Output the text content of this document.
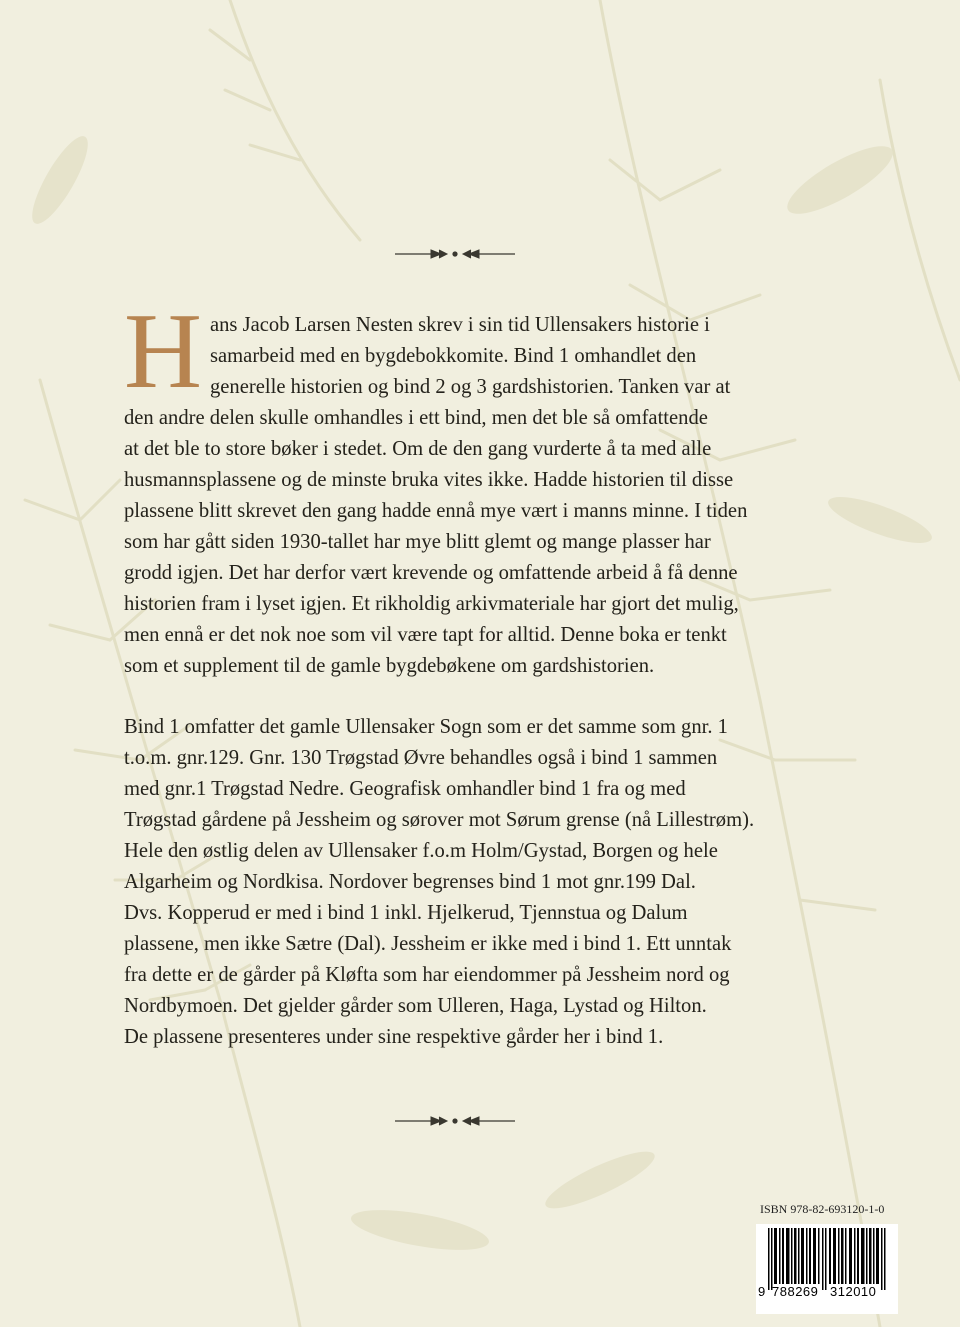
H ans Jacob Larsen Nesten skrev i sin tid Ullensakers historie i
samarbeid med en bygdebokkomite. Bind 1 omhandlet den
generelle historien og bind 2 og 3 gardshistorien. Tanken var at
den andre delen skulle omhandles i ett bind, men det ble så omfattende
at det ble to store bøker i stedet. Om de den gang vurderte å ta med alle
husmannsplassene og de minste bruka vites ikke. Hadde historien til disse
plassene blitt skrevet den gang hadde ennå mye vært i manns minne. I tiden
som har gått siden 1930-tallet har mye blitt glemt og mange plasser har
grodd igjen. Det har derfor vært krevende og omfattende arbeid å få denne
historien fram i lyset igjen. Et rikholdig arkivmateriale har gjort det mulig,
men ennå er det nok noe som vil være tapt for alltid. Denne boka er tenkt
som et supplement til de gamle bygdebøkene om gardshistorien.

Bind 1 omfatter det gamle Ullensaker Sogn som er det samme som gnr. 1
t.o.m. gnr.129. Gnr. 130 Trøgstad Øvre behandles også i bind 1 sammen
med gnr.1 Trøgstad Nedre. Geografisk omhandler bind 1 fra og med
Trøgstad gårdene på Jessheim og sørover mot Sørum grense (nå Lillestrøm).
Hele den østlig delen av Ullensaker f.o.m Holm/Gystad, Borgen og hele
Algarheim og Nordkisa. Nordover begrenses bind 1 mot gnr.199 Dal.
Dvs. Kopperud er med i bind 1 inkl. Hjelkerud, Tjennstua og Dalum
plassene, men ikke Sætre (Dal). Jessheim er ikke med i bind 1. Ett unntak
fra dette er de gårder på Kløfta som har eiendommer på Jessheim nord og
Nordbymoen. Det gjelder gårder som Ulleren, Haga, Lystad og Hilton.
De plassene presenteres under sine respektive gårder her i bind 1.

ISBN 978-82-693120-1-0
9 788269 312010
